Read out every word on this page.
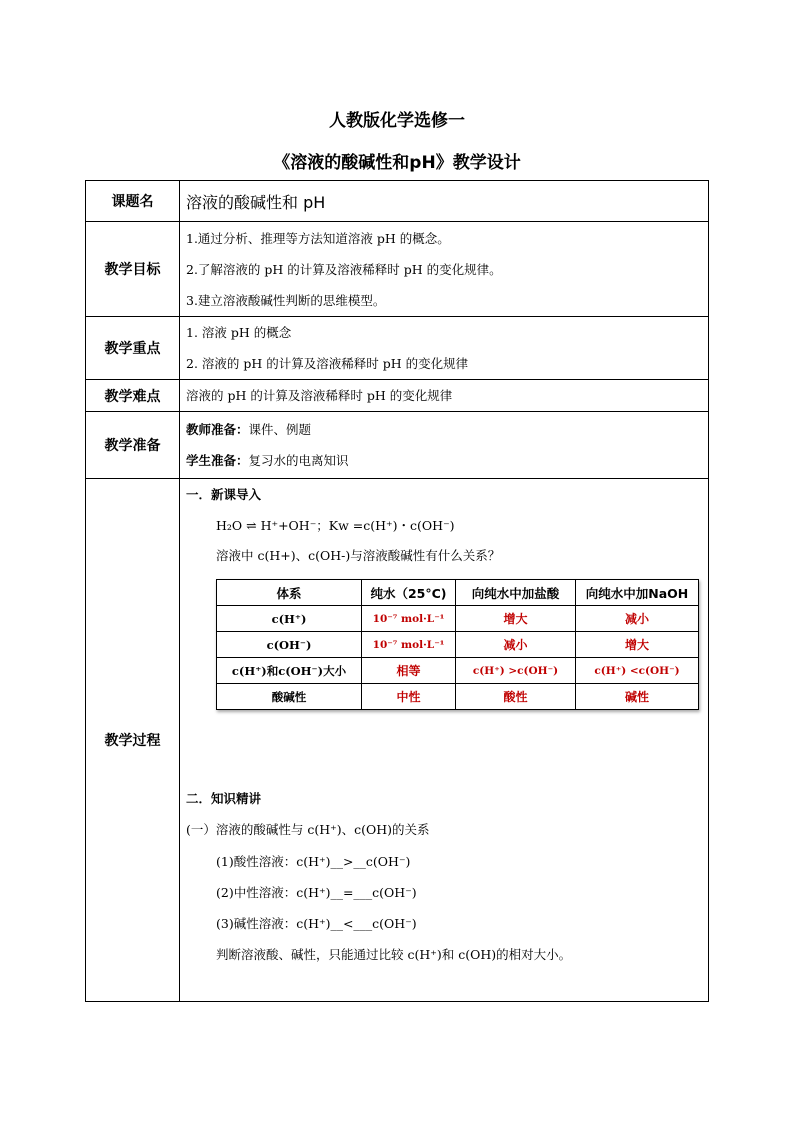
人教版化学选修一
《溶液的酸碱性和pH》教学设计
课题名	溶液的酸碱性和 pH
教学目标	
1.通过分析、推理等方法知道溶液 pH 的概念。
2.了解溶液的 pH 的计算及溶液稀释时 pH 的变化规律。
3.建立溶液酸碱性判断的思维模型。

教学重点	
1. 溶液 pH 的概念
2. 溶液的 pH 的计算及溶液稀释时 pH 的变化规律

教学难点	溶液的 pH 的计算及溶液稀释时 pH 的变化规律

教学准备	
教师准备：课件、例题
学生准备：复习水的电离知识

教学过程	
一．新课导入
H₂O ⇌ H⁺+OH⁻；Kw =c(H⁺)・c(OH⁻)
溶液中 c(H+)、c(OH-)与溶液酸碱性有什么关系？
体系	纯水（25°C)	向纯水中加盐酸	向纯水中加NaOH
c(H⁺)	10⁻⁷ mol·L⁻¹	增大	减小
c(OH⁻)	10⁻⁷ mol·L⁻¹	减小	增大
c(H⁺)和c(OH⁻)大小	相等	c(H⁺) >c(OH⁻)	c(H⁺) <c(OH⁻)
酸碱性	中性	酸性	碱性
二．知识精讲
(一）溶液的酸碱性与 c(H⁺)、c(OH)的关系
(1)酸性溶液：c(H⁺)__>__c(OH⁻)
(2)中性溶液：c(H⁺)__=___c(OH⁻)
(3)碱性溶液：c(H⁺)__<___c(OH⁻)
判断溶液酸、碱性，只能通过比较 c(H⁺)和 c(OH)的相对大小。
